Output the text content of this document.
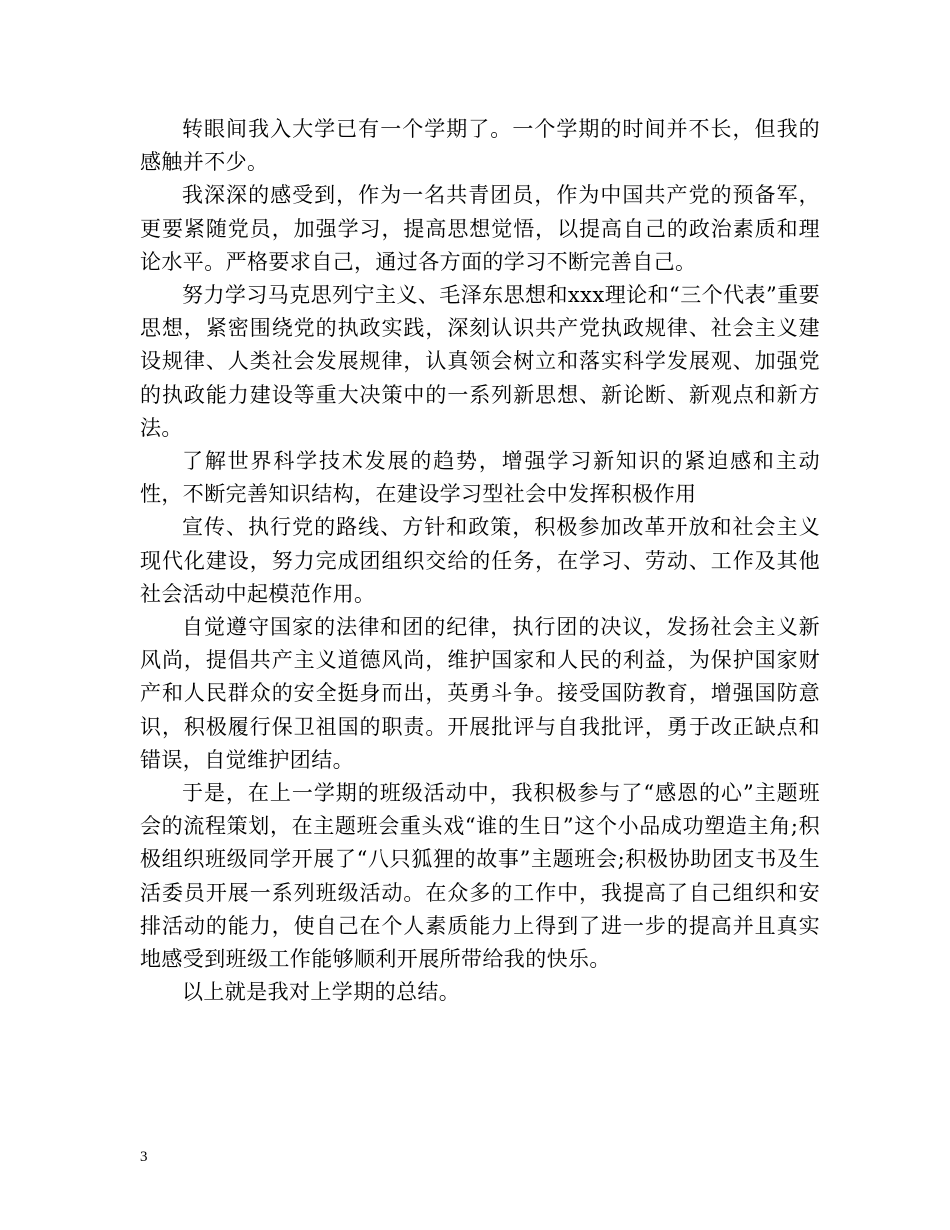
转眼间我入大学已有一个学期了。一个学期的时间并不长，但我的感触并不少。

我深深的感受到，作为一名共青团员，作为中国共产党的预备军，更要紧随党员，加强学习，提高思想觉悟，以提高自己的政治素质和理论水平。严格要求自己，通过各方面的学习不断完善自己。

努力学习马克思列宁主义、毛泽东思想和xxx理论和“三个代表”重要思想，紧密围绕党的执政实践，深刻认识共产党执政规律、社会主义建设规律、人类社会发展规律，认真领会树立和落实科学发展观、加强党的执政能力建设等重大决策中的一系列新思想、新论断、新观点和新方法。

了解世界科学技术发展的趋势，增强学习新知识的紧迫感和主动性，不断完善知识结构，在建设学习型社会中发挥积极作用

宣传、执行党的路线、方针和政策，积极参加改革开放和社会主义现代化建设，努力完成团组织交给的任务，在学习、劳动、工作及其他社会活动中起模范作用。

自觉遵守国家的法律和团的纪律，执行团的决议，发扬社会主义新风尚，提倡共产主义道德风尚，维护国家和人民的利益，为保护国家财产和人民群众的安全挺身而出，英勇斗争。接受国防教育，增强国防意识，积极履行保卫祖国的职责。开展批评与自我批评，勇于改正缺点和错误，自觉维护团结。

于是，在上一学期的班级活动中，我积极参与了“感恩的心”主题班会的流程策划，在主题班会重头戏“谁的生日”这个小品成功塑造主角;积极组织班级同学开展了“八只狐狸的故事”主题班会;积极协助团支书及生活委员开展一系列班级活动。在众多的工作中，我提高了自己组织和安排活动的能力，使自己在个人素质能力上得到了进一步的提高并且真实地感受到班级工作能够顺利开展所带给我的快乐。

以上就是我对上学期的总结。

3
